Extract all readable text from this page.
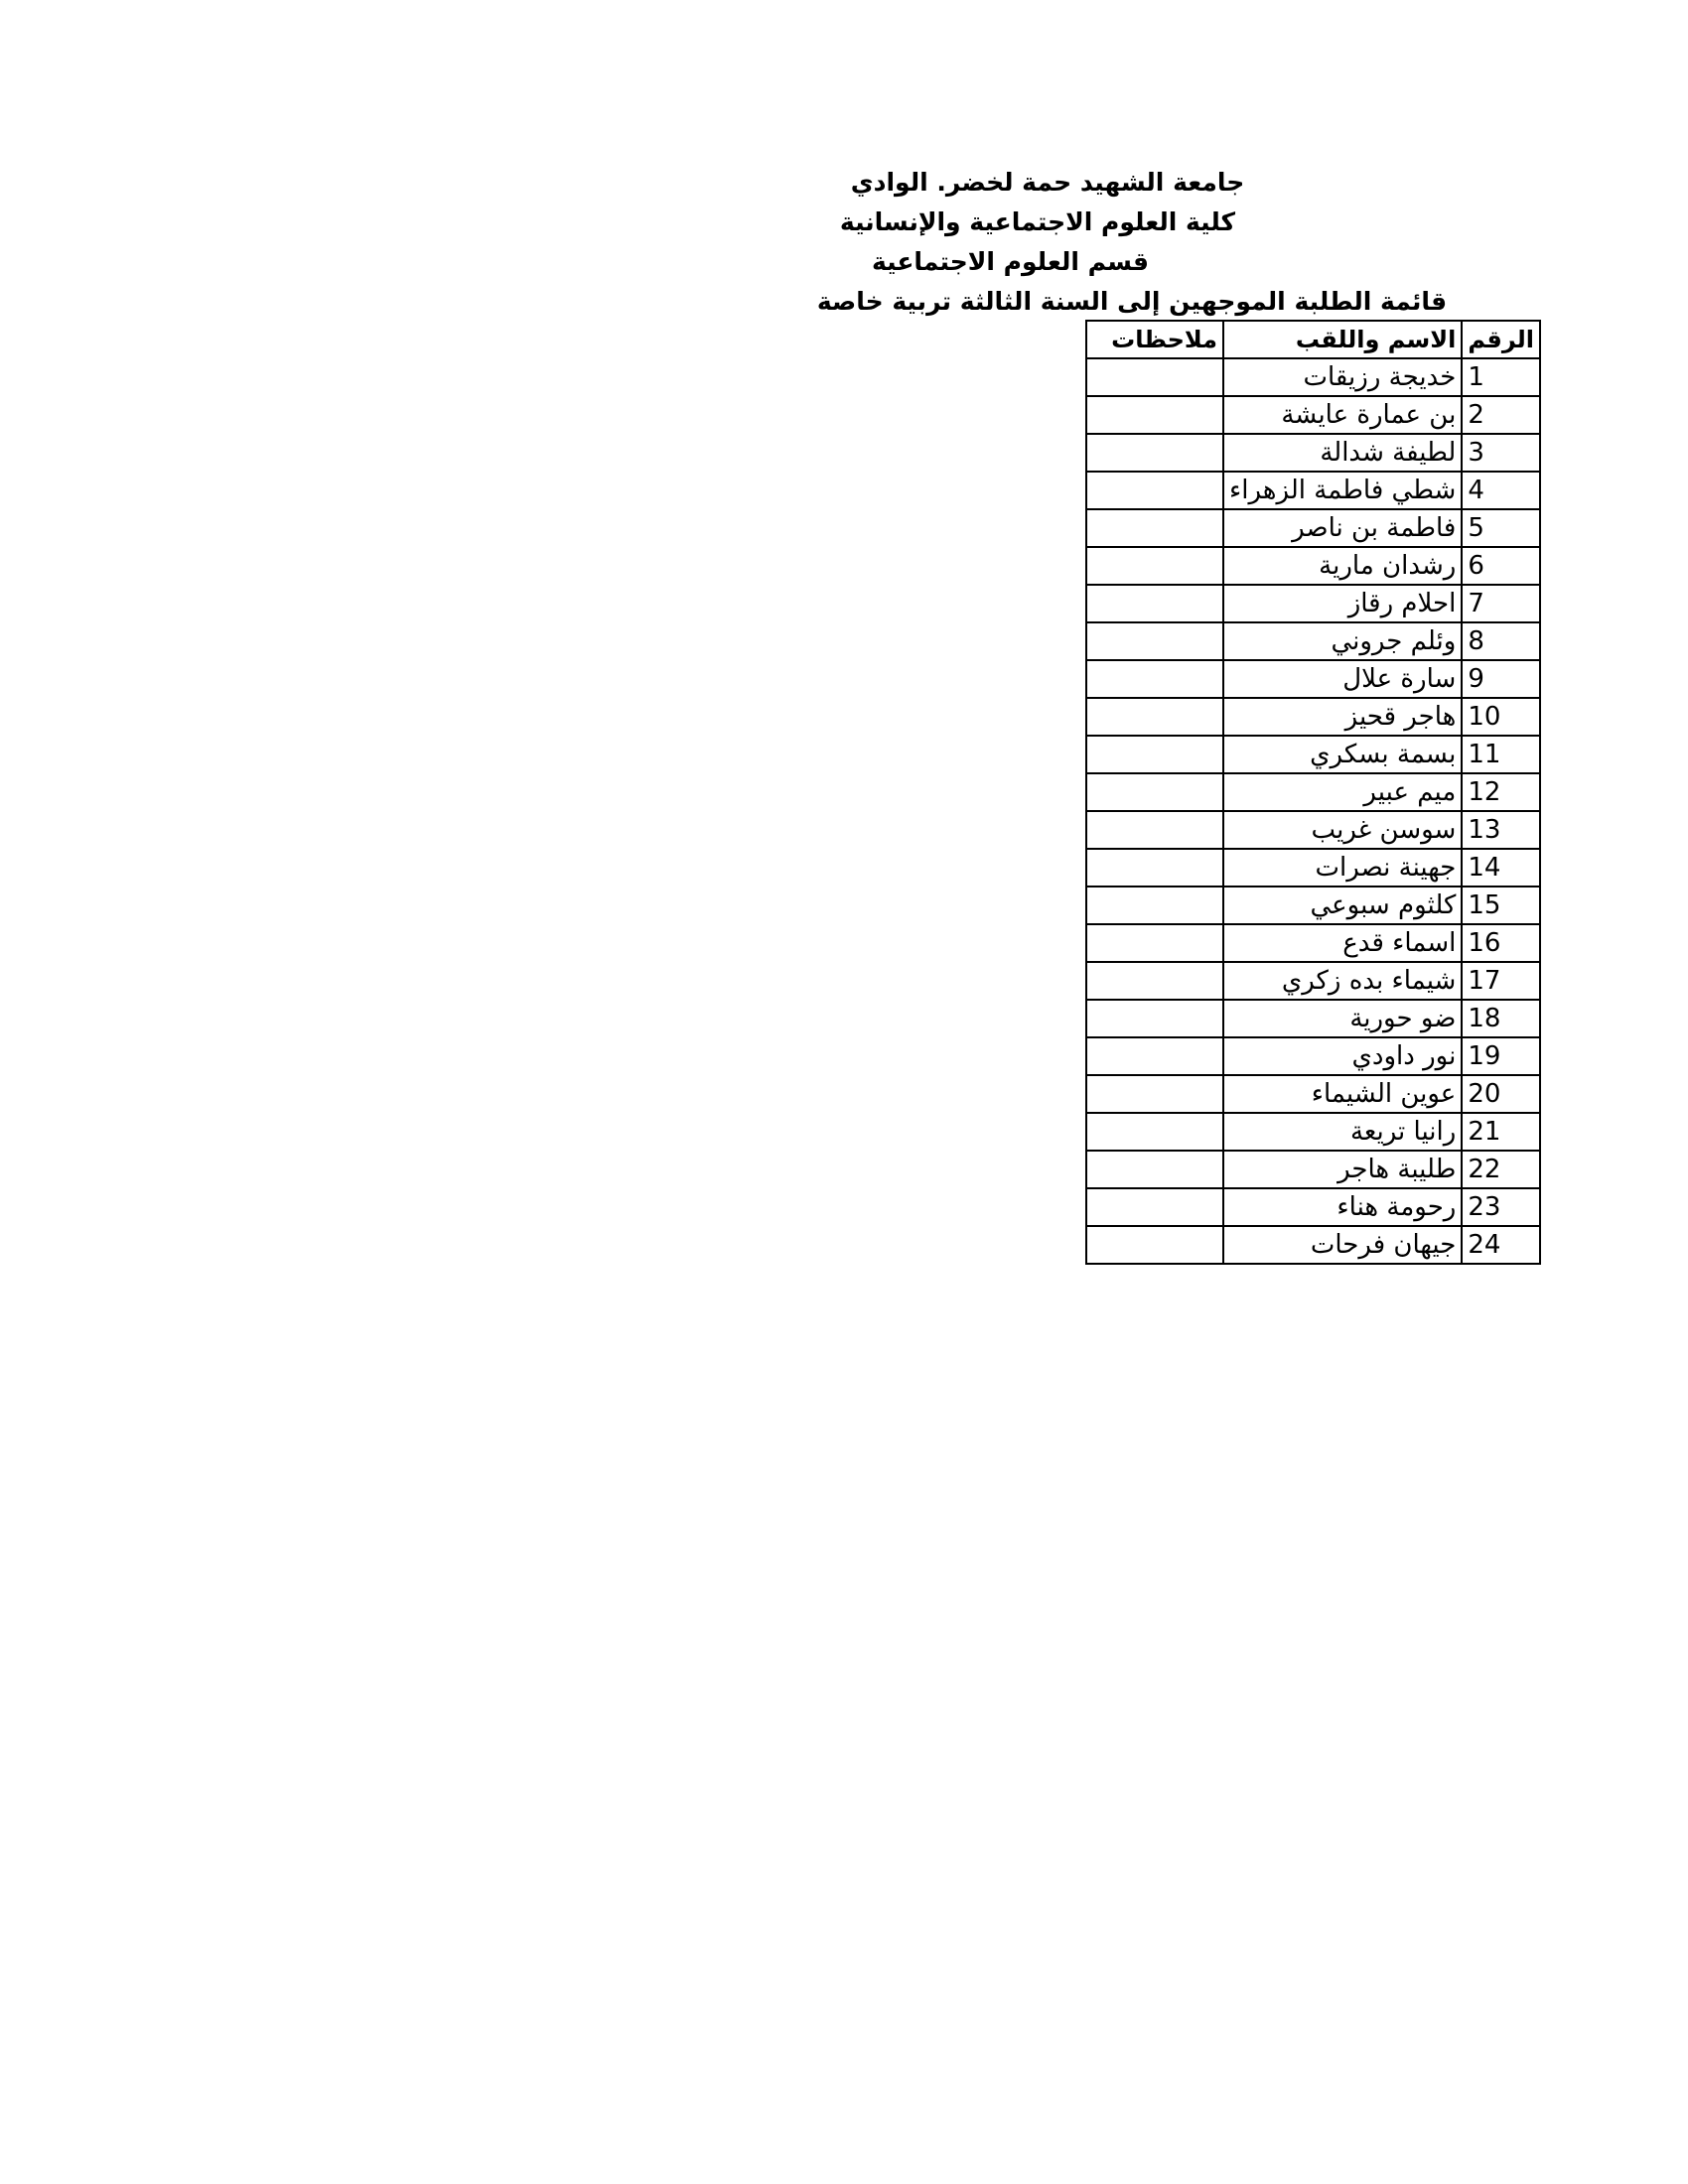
جامعة الشهيد حمة لخضر. الوادي
كلية العلوم الاجتماعية والإنسانية
قسم العلوم الاجتماعية
قائمة الطلبة الموجهين إلى السنة الثالثة تربية خاصة
الرقم	الاسم واللقب	ملاحظات
1	خديجة رزيقات	
2	بن عمارة عايشة	
3	لطيفة شدالة	
4	شطي فاطمة الزهراء	
5	فاطمة بن ناصر	
6	رشدان مارية	
7	احلام رقاز	
8	وئلم جروني	
9	سارة علال	
10	هاجر قحيز	
11	بسمة بسكري	
12	ميم عبير	
13	سوسن غريب	
14	جهينة نصرات	
15	كلثوم سبوعي	
16	اسماء قدع	
17	شيماء بده زكري	
18	ضو حورية	
19	نور داودي	
20	عوين الشيماء	
21	رانيا تريعة	
22	طليبة هاجر	
23	رحومة هناء	
24	جيهان فرحات	
